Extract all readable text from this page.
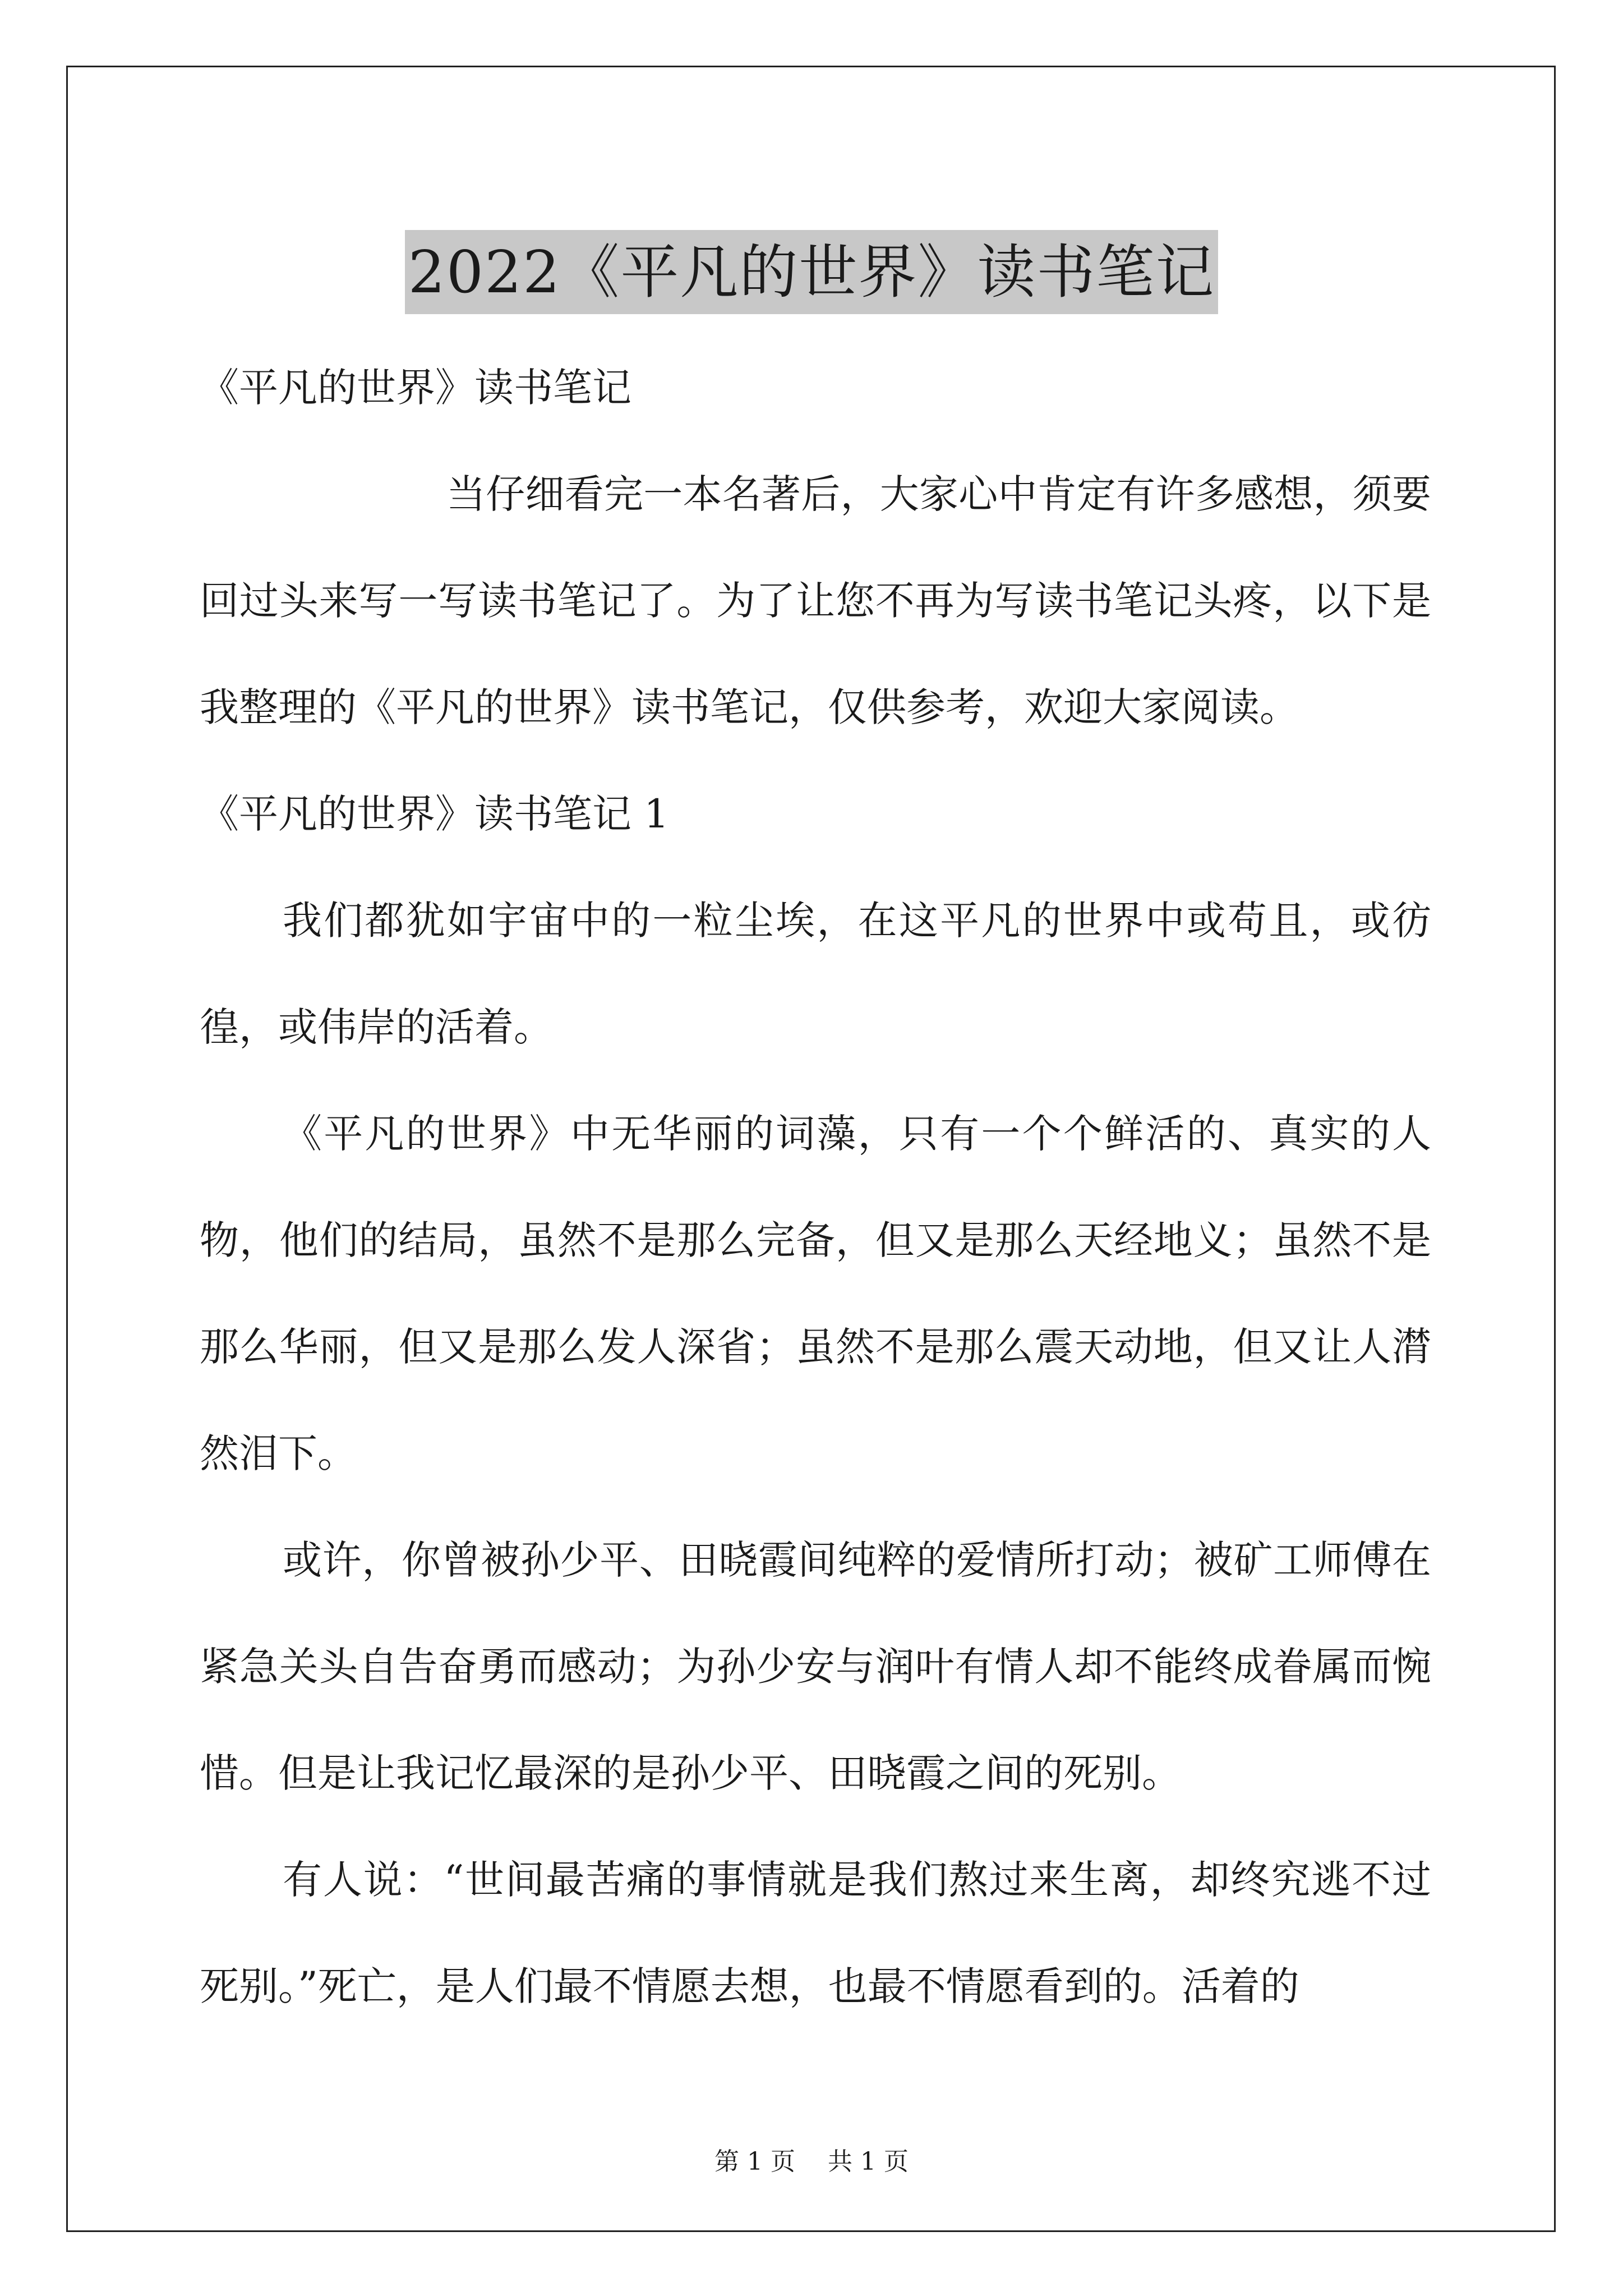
2022《平凡的世界》读书笔记
《平凡的世界》读书笔记

当仔细看完一本名著后，大家心中肯定有许多感想，须要回过头来写一写读书笔记了。为了让您不再为写读书笔记头疼，以下是我整理的《平凡的世界》读书笔记，仅供参考，欢迎大家阅读。

《平凡的世界》读书笔记 1

我们都犹如宇宙中的一粒尘埃，在这平凡的世界中或苟且，或彷徨，或伟岸的活着。

《平凡的世界》中无华丽的词藻，只有一个个鲜活的、真实的人物，他们的结局，虽然不是那么完备，但又是那么天经地义；虽然不是那么华丽，但又是那么发人深省；虽然不是那么震天动地，但又让人潸然泪下。

或许，你曾被孙少平、田晓霞间纯粹的爱情所打动；被矿工师傅在紧急关头自告奋勇而感动；为孙少安与润叶有情人却不能终成眷属而惋惜。但是让我记忆最深的是孙少平、田晓霞之间的死别。

有人说：“世间最苦痛的事情就是我们熬过来生离，却终究逃不过死别。”死亡，是人们最不情愿去想，也最不情愿看到的。活着的

第 1 页 共 1 页
